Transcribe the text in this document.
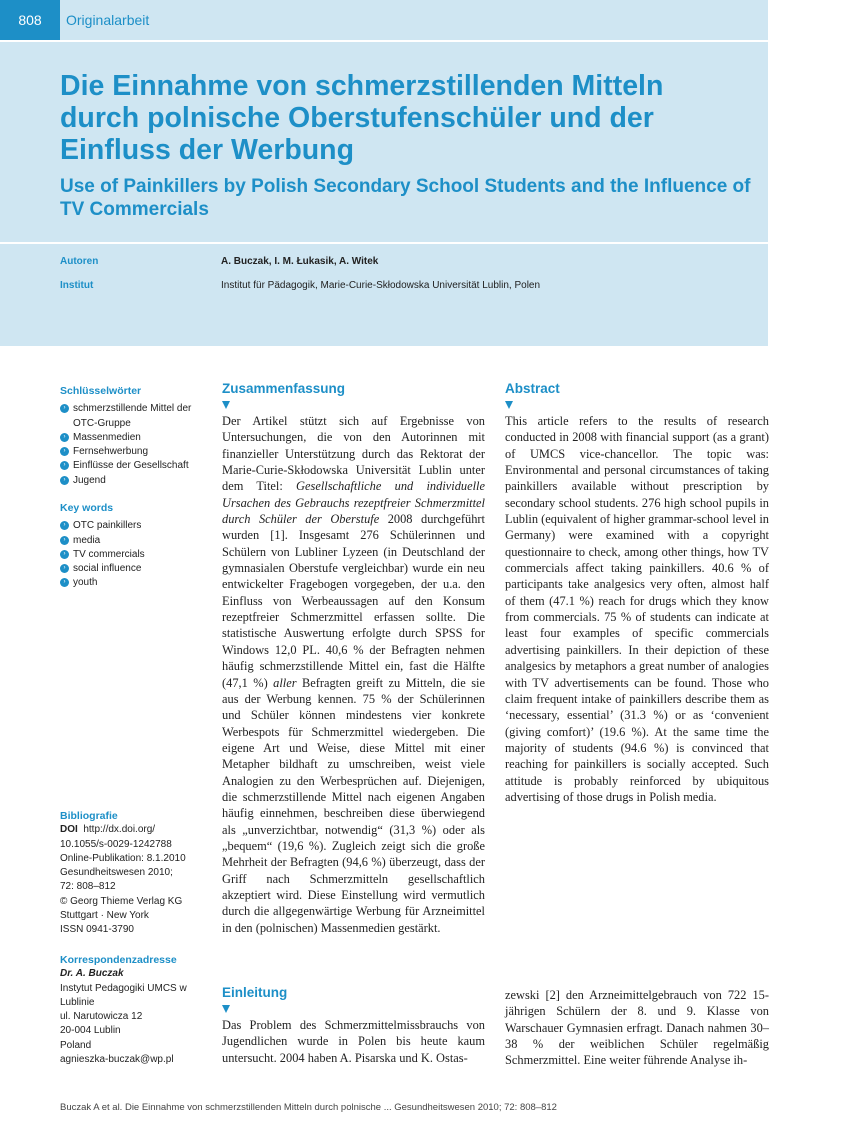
808	Originalarbeit
Die Einnahme von schmerzstillenden Mitteln durch polnische Oberstufenschüler und der Einfluss der Werbung
Use of Painkillers by Polish Secondary School Students and the Influence of TV Commercials
Autoren	A. Buczak, I. M. Łukasik, A. Witek
Institut	Institut für Pädagogik, Marie-Curie-Skłodowska Universität Lublin, Polen
Schlüsselwörter
› schmerzstillende Mittel der OTC-Gruppe
› Massenmedien
› Fernsehwerbung
› Einflüsse der Gesellschaft
› Jugend
Key words
› OTC painkillers
› media
› TV commercials
› social influence
› youth
Bibliografie
DOI http://dx.doi.org/
10.1055/s-0029-1242788
Online-Publikation: 8.1.2010
Gesundheitswesen 2010;
72: 808–812
© Georg Thieme Verlag KG
Stuttgart · New York
ISSN 0941-3790
Korrespondenzadresse
Dr. A. Buczak
Instytut Pedagogiki UMCS w
Lublinie
ul. Narutowicza 12
20-004 Lublin
Poland
agnieszka-buczak@wp.pl
Zusammenfassung
Der Artikel stützt sich auf Ergebnisse von Untersuchungen, die von den Autorinnen mit finanzieller Unterstützung durch das Rektorat der Marie-Curie-Skłodowska Universität Lublin unter dem Titel: Gesellschaftliche und individuelle Ursachen des Gebrauchs rezeptfreier Schmerzmittel durch Schüler der Oberstufe 2008 durchgeführt wurden [1]. Insgesamt 276 Schülerinnen und Schülern von Lubliner Lyzeen (in Deutschland der gymnasialen Oberstufe vergleichbar) wurde ein neu entwickelter Fragebogen vorgegeben, der u.a. den Einfluss von Werbeaussagen auf den Konsum rezeptfreier Schmerzmittel erfassen sollte. Die statistische Auswertung erfolgte durch SPSS for Windows 12,0 PL. 40,6 % der Befragten nehmen häufig schmerzstillende Mittel ein, fast die Hälfte (47,1 %) aller Befragten greift zu Mitteln, die sie aus der Werbung kennen. 75 % der Schülerinnen und Schüler können mindestens vier konkrete Werbespots für Schmerzmittel wiedergeben. Die eigene Art und Weise, diese Mittel mit einer Metapher bildhaft zu umschreiben, weist viele Analogien zu den Werbesprüchen auf. Diejenigen, die schmerzstillende Mittel nach eigenen Angaben häufig einnehmen, beschreiben diese überwiegend als „unverzichtbar, notwendig“ (31,3 %) oder als „bequem“ (19,6 %). Zugleich zeigt sich die große Mehrheit der Befragten (94,6 %) überzeugt, dass der Griff nach Schmerzmitteln gesellschaftlich akzeptiert wird. Diese Einstellung wird vermutlich durch die allgegenwärtige Werbung für Arzneimittel in den (polnischen) Massenmedien gestärkt.
Abstract
This article refers to the results of research conducted in 2008 with financial support (as a grant) of UMCS vice-chancellor. The topic was: Environmental and personal circumstances of taking painkillers available without prescription by secondary school students. 276 high school pupils in Lublin (equivalent of higher grammar-school level in Germany) were examined with a copyright questionnaire to check, among other things, how TV commercials affect taking painkillers. 40.6 % of participants take analgesics very often, almost half of them (47.1 %) reach for drugs which they know from commercials. 75 % of students can indicate at least four examples of specific commercials advertising painkillers. In their depiction of these analgesics by metaphors a great number of analogies with TV advertisements can be found. Those who claim frequent intake of painkillers describe them as ‘necessary, essential’ (31.3 %) or as ‘convenient (giving comfort)’ (19.6 %). At the same time the majority of students (94.6 %) is convinced that reaching for painkillers is socially accepted. Such attitude is probably reinforced by ubiquitous advertising of those drugs in Polish media.
Einleitung
Das Problem des Schmerzmittelmissbrauchs von Jugendlichen wurde in Polen bis heute kaum untersucht. 2004 haben A. Pisarska und K. Ostas-
zewski [2] den Arzneimittelgebrauch von 722 15-jährigen Schülern der 8. und 9. Klasse von Warschauer Gymnasien erfragt. Danach nahmen 30–38 % der weiblichen Schüler regelmäßig Schmerzmittel. Eine weiter führende Analyse ih-
Buczak A et al. Die Einnahme von schmerzstillenden Mitteln durch polnische ... Gesundheitswesen 2010; 72: 808–812
